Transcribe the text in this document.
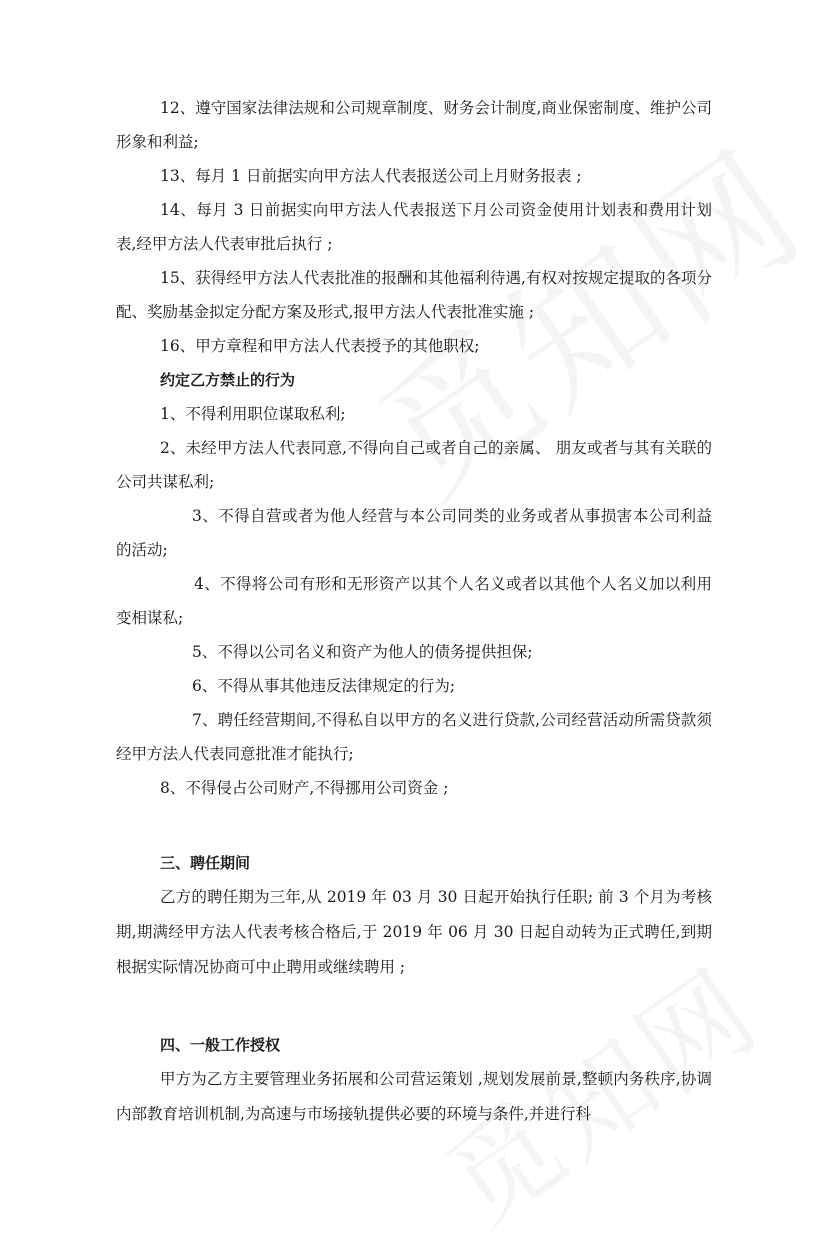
12、遵守国家法律法规和公司规章制度、财务会计制度,商业保密制度、维护公司形象和利益;

13、每月 1 日前据实向甲方法人代表报送公司上月财务报表 ;

14、每月 3 日前据实向甲方法人代表报送下月公司资金使用计划表和费用计划表,经甲方法人代表审批后执行 ;

15、获得经甲方法人代表批准的报酬和其他福利待遇,有权对按规定提取的各项分配、奖励基金拟定分配方案及形式,报甲方法人代表批准实施 ;

16、甲方章程和甲方法人代表授予的其他职权;

约定乙方禁止的行为

1、不得利用职位谋取私利;

2、未经甲方法人代表同意,不得向自己或者自己的亲属、 朋友或者与其有关联的公司共谋私利;

3、不得自营或者为他人经营与本公司同类的业务或者从事损害本公司利益的活动;

4、不得将公司有形和无形资产以其个人名义或者以其他个人名义加以利用变相谋私;

5、不得以公司名义和资产为他人的债务提供担保;

6、不得从事其他违反法律规定的行为;

7、聘任经营期间,不得私自以甲方的名义进行贷款,公司经营活动所需贷款须经甲方法人代表同意批准才能执行;

8、不得侵占公司财产,不得挪用公司资金 ;

三、聘任期间

乙方的聘任期为三年,从 2019 年 03 月 30 日起开始执行任职; 前 3 个月为考核期,期满经甲方法人代表考核合格后,于 2019 年 06 月 30 日起自动转为正式聘任,到期根据实际情况协商可中止聘用或继续聘用 ;

四、一般工作授权

甲方为乙方主要管理业务拓展和公司营运策划 ,规划发展前景,整顿内务秩序,协调内部教育培训机制,为高速与市场接轨提供必要的环境与条件,并进行科
